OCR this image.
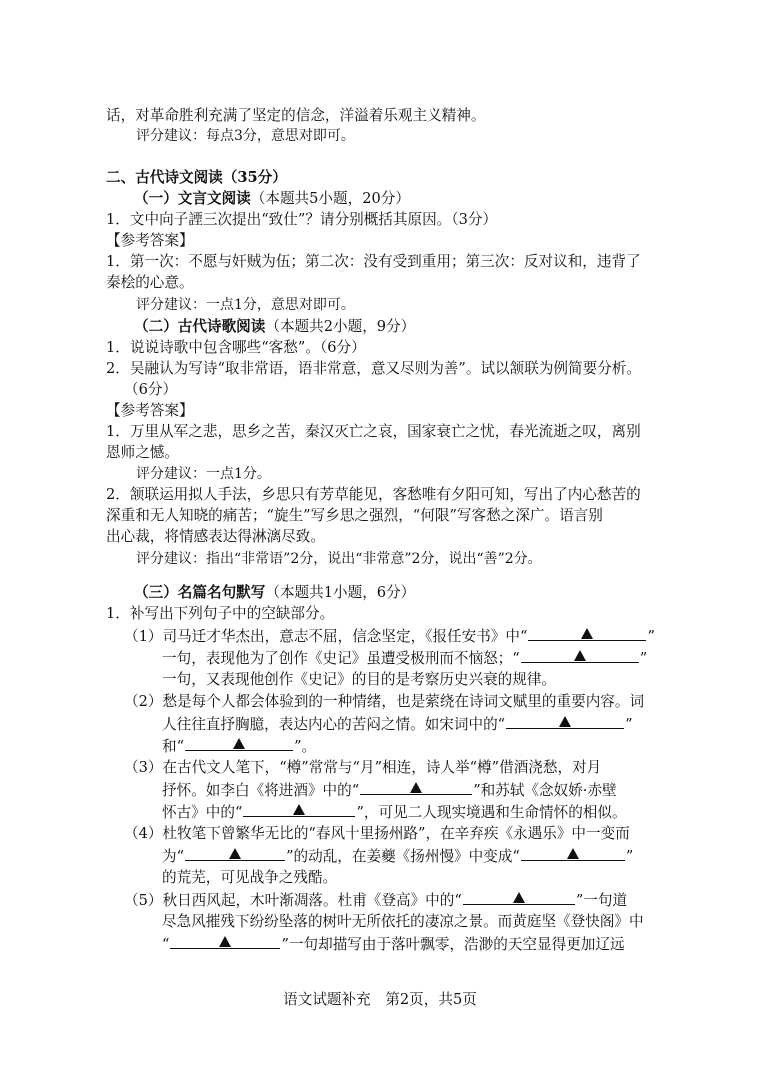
话，对革命胜利充满了坚定的信念，洋溢着乐观主义精神。
评分建议：每点3分，意思对即可。
二、古代诗文阅读（35分）
（一）文言文阅读（本题共5小题，20分）
1．文中向子諲三次提出“致仕”？请分别概括其原因。（3分）
【参考答案】
1．第一次：不愿与奸贼为伍；第二次：没有受到重用；第三次：反对议和，违背了
秦桧的心意。
评分建议：一点1分，意思对即可。
（二）古代诗歌阅读（本题共2小题，9分）
1．说说诗歌中包含哪些“客愁”。（6分）
2．吴融认为写诗“取非常语，语非常意，意又尽则为善”。试以颔联为例简要分析。
（6分）
【参考答案】
1．万里从军之悲，思乡之苦，秦汉灭亡之哀，国家衰亡之忧，春光流逝之叹，离别
恩师之憾。
评分建议：一点1分。
2．颔联运用拟人手法，乡思只有芳草能见，客愁唯有夕阳可知，写出了内心愁苦的
深重和无人知晓的痛苦；“旋生”写乡思之强烈，“何限”写客愁之深广。语言别
出心裁，将情感表达得淋漓尽致。
评分建议：指出“非常语”2分，说出“非常意”2分，说出“善”2分。
（三）名篇名句默写（本题共1小题，6分）
1．补写出下列句子中的空缺部分。
（1）司马迁才华杰出，意志不屈，信念坚定，《报任安书》中“	”
一句，表现他为了创作《史记》虽遭受极刑而不恼怒；“	”
一句，又表现他创作《史记》的目的是考察历史兴衰的规律。
（2）愁是每个人都会体验到的一种情绪，也是萦绕在诗词文赋里的重要内容。词
人往往直抒胸臆，表达内心的苦闷之情。如宋词中的“	”
和“	”。
（3）在古代文人笔下，“樽”常常与“月”相连，诗人举“樽”借酒浇愁，对月
抒怀。如李白《将进酒》中的“	”和苏轼《念奴娇·赤壁
怀古》中的“	”，可见二人现实境遇和生命情怀的相似。
（4）杜牧笔下曾繁华无比的“春风十里扬州路”，在辛弃疾《永遇乐》中一变而
为“	”的动乱，在姜夔《扬州慢》中变成“	”
的荒芜，可见战争之残酷。
（5）秋日西风起，木叶渐凋落。杜甫《登高》中的“	”一句道
尽急风摧残下纷纷坠落的树叶无所依托的凄凉之景。而黄庭坚《登快阁》中
“	”一句却描写由于落叶飘零，浩渺的天空显得更加辽远
语文试题补充　第2页，共5页
